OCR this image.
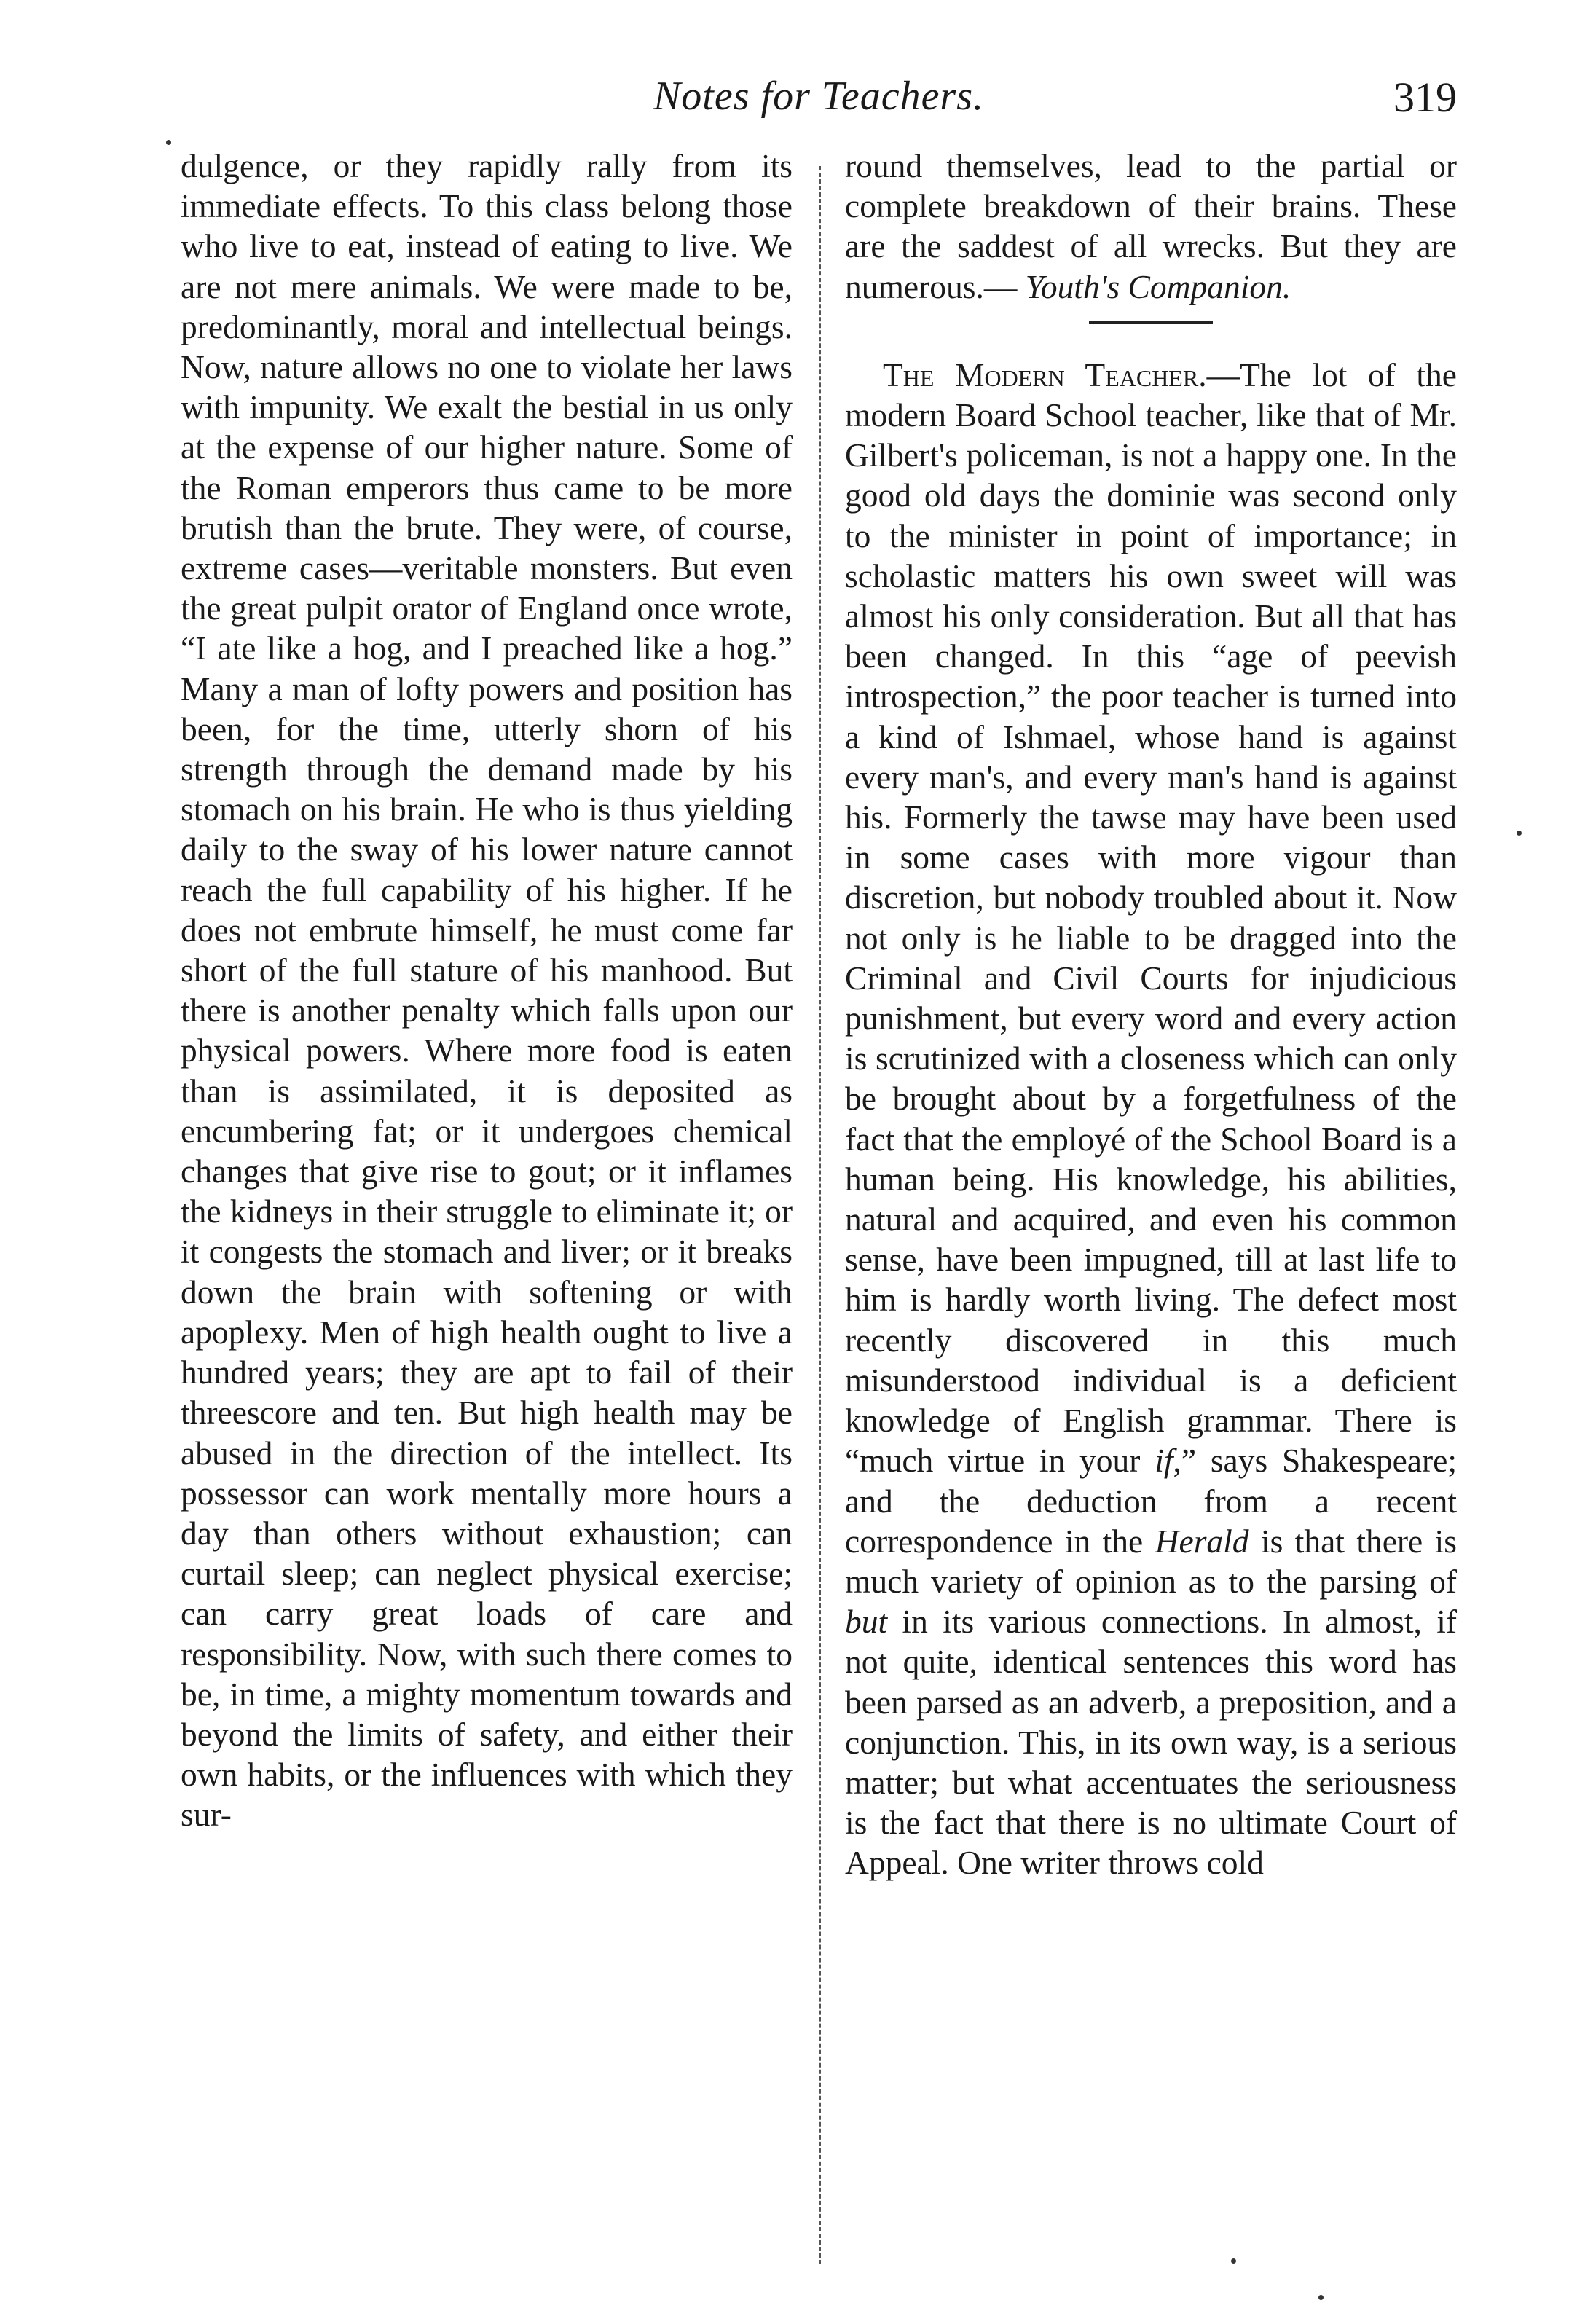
Notes for Teachers.	319

dulgence, or they rapidly rally from its immediate effects. To this class belong those who live to eat, instead of eating to live. We are not mere animals. We were made to be, predominantly, moral and intellectual beings. Now, nature allows no one to violate her laws with impunity. We exalt the bestial in us only at the expense of our higher nature. Some of the Roman emperors thus came to be more brutish than the brute. They were, of course, extreme cases—veritable monsters. But even the great pulpit orator of England once wrote, “I ate like a hog, and I preached like a hog.” Many a man of lofty powers and position has been, for the time, utterly shorn of his strength through the demand made by his stomach on his brain. He who is thus yielding daily to the sway of his lower nature cannot reach the full capability of his higher. If he does not embrute himself, he must come far short of the full stature of his manhood. But there is another penalty which falls upon our physical powers. Where more food is eaten than is assimilated, it is deposited as encumbering fat; or it undergoes chemical changes that give rise to gout; or it inflames the kidneys in their struggle to eliminate it; or it congests the stomach and liver; or it breaks down the brain with softening or with apoplexy. Men of high health ought to live a hundred years; they are apt to fail of their threescore and ten. But high health may be abused in the direction of the intellect. Its possessor can work mentally more hours a day than others without exhaustion; can curtail sleep; can neglect physical exercise; can carry great loads of care and responsibility. Now, with such there comes to be, in time, a mighty momentum towards and beyond the limits of safety, and either their own habits, or the influences with which they sur-

round themselves, lead to the partial or complete breakdown of their brains. These are the saddest of all wrecks. But they are numerous.— Youth's Companion.

The Modern Teacher.—The lot of the modern Board School teacher, like that of Mr. Gilbert's policeman, is not a happy one. In the good old days the dominie was second only to the minister in point of importance; in scholastic matters his own sweet will was almost his only consideration. But all that has been changed. In this “age of peevish introspection,” the poor teacher is turned into a kind of Ishmael, whose hand is against every man's, and every man's hand is against his. Formerly the tawse may have been used in some cases with more vigour than discretion, but nobody troubled about it. Now not only is he liable to be dragged into the Criminal and Civil Courts for injudicious punishment, but every word and every action is scrutinized with a closeness which can only be brought about by a forgetfulness of the fact that the employé of the School Board is a human being. His knowledge, his abilities, natural and acquired, and even his common sense, have been impugned, till at last life to him is hardly worth living. The defect most recently discovered in this much misunderstood individual is a deficient knowledge of English grammar. There is “much virtue in your if,” says Shakespeare; and the deduction from a recent correspondence in the Herald is that there is much variety of opinion as to the parsing of but in its various connections. In almost, if not quite, identical sentences this word has been parsed as an adverb, a preposition, and a conjunction. This, in its own way, is a serious matter; but what accentuates the seriousness is the fact that there is no ultimate Court of Appeal. One writer throws cold
